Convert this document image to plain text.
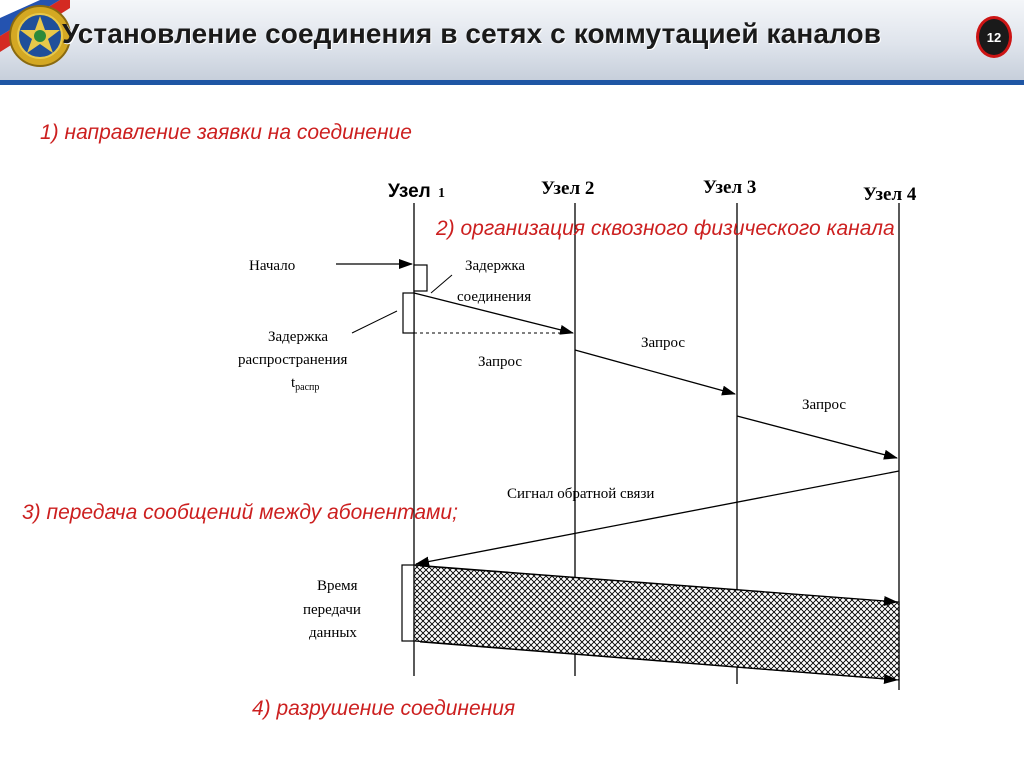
Установление соединения в сетях с коммутацией каналов	12
Узел 1	Узел 2	Узел 3	Узел 4
Начало	Задержка
соединения
Задержка
распространения
$t_{распр}$
Запрос
Запрос
Запрос
Сигнал обратной связи
Время
передачи
данных

1) направление заявки на соединение

2) организация сквозного физического канала

3) передача сообщений между абонентами;

4) разрушение соединения
